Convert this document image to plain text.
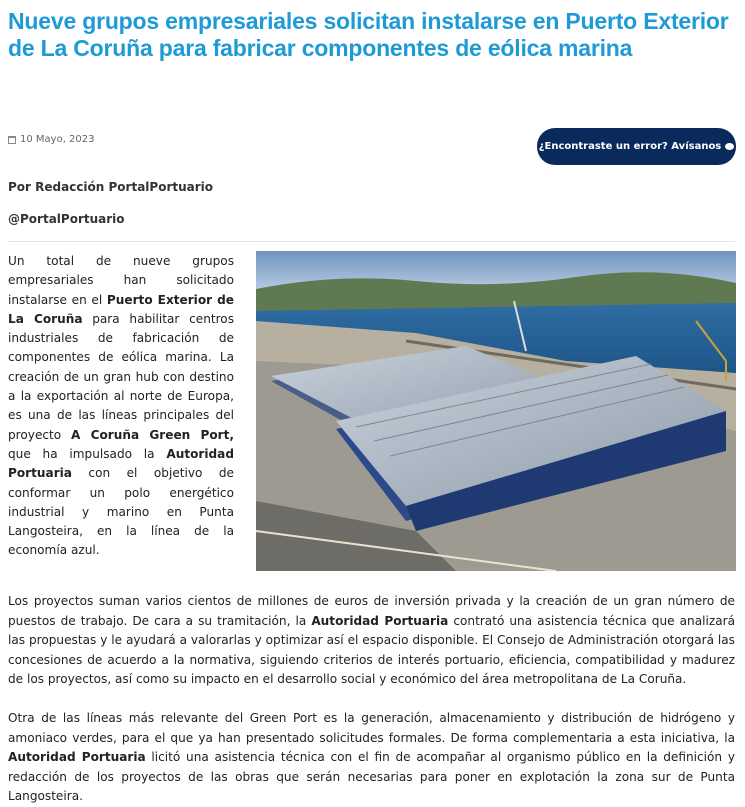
Nueve grupos empresariales solicitan instalarse en Puerto Exterior de La Coruña para fabricar componentes de eólica marina
10 Mayo, 2023
¿Encontraste un error? Avísanos
Por Redacción PortalPortuario
@PortalPortuario

Un total de nueve grupos empresariales han solicitado instalarse en el Puerto Exterior de La Coruña para habilitar centros industriales de fabricación de componentes de eólica marina. La creación de un gran hub con destino a la exportación al norte de Europa, es una de las líneas principales del proyecto A Coruña Green Port, que ha impulsado la Autoridad Portuaria con el objetivo de conformar un polo energético industrial y marino en Punta Langosteira, en la línea de la economía azul.

Los proyectos suman varios cientos de millones de euros de inversión privada y la creación de un gran número de puestos de trabajo. De cara a su tramitación, la Autoridad Portuaria contrató una asistencia técnica que analizará las propuestas y le ayudará a valorarlas y optimizar así el espacio disponible. El Consejo de Administración otorgará las concesiones de acuerdo a la normativa, siguiendo criterios de interés portuario, eficiencia, compatibilidad y madurez de los proyectos, así como su impacto en el desarrollo social y económico del área metropolitana de La Coruña.

Otra de las líneas más relevante del Green Port es la generación, almacenamiento y distribución de hidrógeno y amoniaco verdes, para el que ya han presentado solicitudes formales. De forma complementaria a esta iniciativa, la Autoridad Portuaria licitó una asistencia técnica con el fin de acompañar al organismo público en la definición y redacción de los proyectos de las obras que serán necesarias para poner en explotación la zona sur de Punta Langosteira.
